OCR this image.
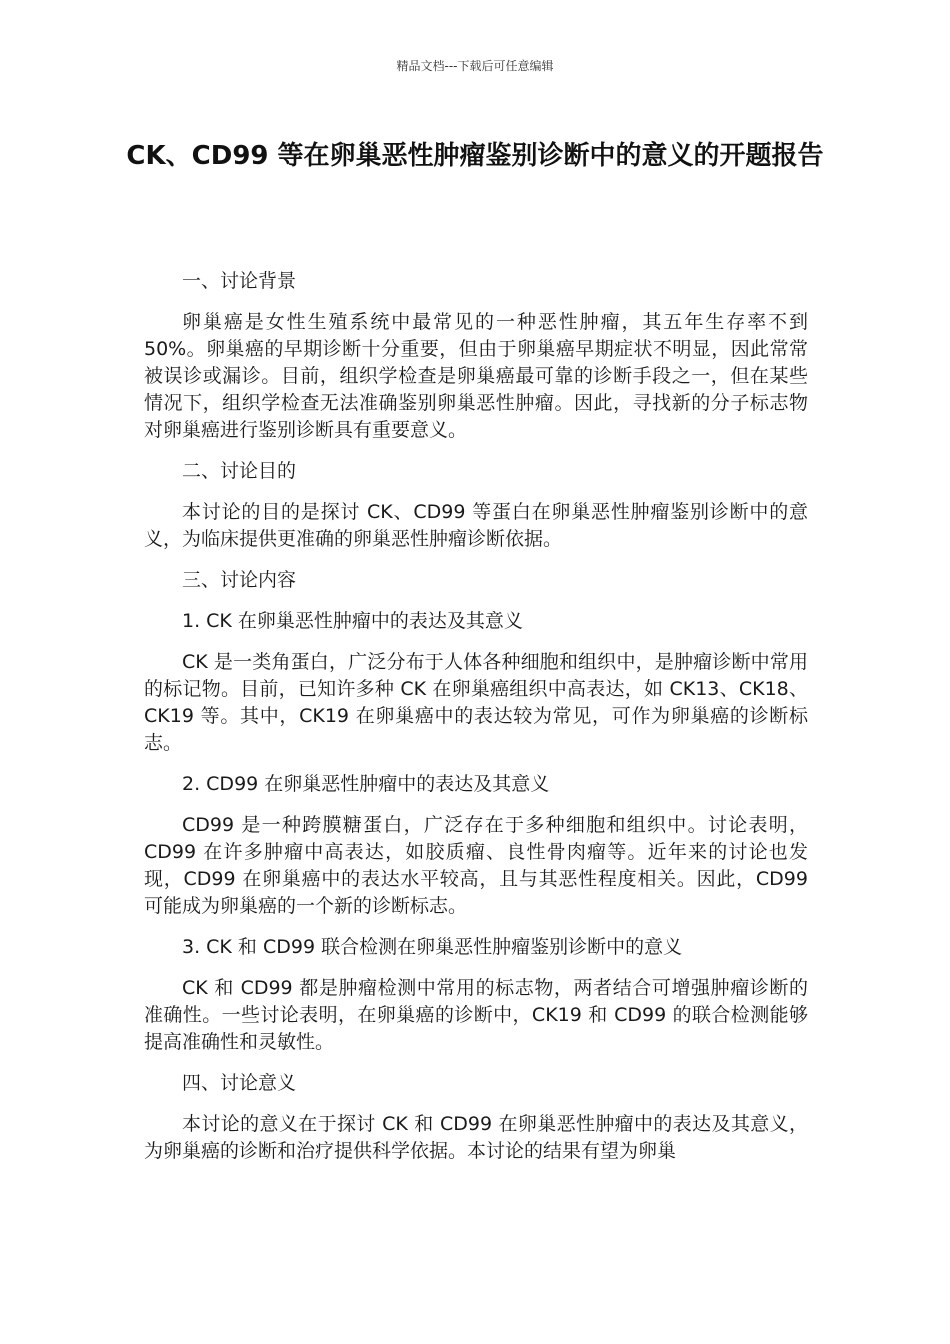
精品文档---下载后可任意编辑
CK、CD99 等在卵巢恶性肿瘤鉴别诊断中的意义的开题报告
一、讨论背景

卵巢癌是女性生殖系统中最常见的一种恶性肿瘤，其五年生存率不到 50%。卵巢癌的早期诊断十分重要，但由于卵巢癌早期症状不明显，因此常常被误诊或漏诊。目前，组织学检查是卵巢癌最可靠的诊断手段之一，但在某些情况下，组织学检查无法准确鉴别卵巢恶性肿瘤。因此，寻找新的分子标志物对卵巢癌进行鉴别诊断具有重要意义。

二、讨论目的

本讨论的目的是探讨 CK、CD99 等蛋白在卵巢恶性肿瘤鉴别诊断中的意义，为临床提供更准确的卵巢恶性肿瘤诊断依据。

三、讨论内容
1. CK 在卵巢恶性肿瘤中的表达及其意义

CK 是一类角蛋白，广泛分布于人体各种细胞和组织中，是肿瘤诊断中常用的标记物。目前，已知许多种 CK 在卵巢癌组织中高表达，如 CK13、CK18、CK19 等。其中，CK19 在卵巢癌中的表达较为常见，可作为卵巢癌的诊断标志。

2. CD99 在卵巢恶性肿瘤中的表达及其意义

CD99 是一种跨膜糖蛋白，广泛存在于多种细胞和组织中。讨论表明，CD99 在许多肿瘤中高表达，如胶质瘤、良性骨肉瘤等。近年来的讨论也发现，CD99 在卵巢癌中的表达水平较高，且与其恶性程度相关。因此，CD99 可能成为卵巢癌的一个新的诊断标志。

3. CK 和 CD99 联合检测在卵巢恶性肿瘤鉴别诊断中的意义

CK 和 CD99 都是肿瘤检测中常用的标志物，两者结合可增强肿瘤诊断的准确性。一些讨论表明，在卵巢癌的诊断中，CK19 和 CD99 的联合检测能够提高准确性和灵敏性。

四、讨论意义

本讨论的意义在于探讨 CK 和 CD99 在卵巢恶性肿瘤中的表达及其意义，为卵巢癌的诊断和治疗提供科学依据。本讨论的结果有望为卵巢
